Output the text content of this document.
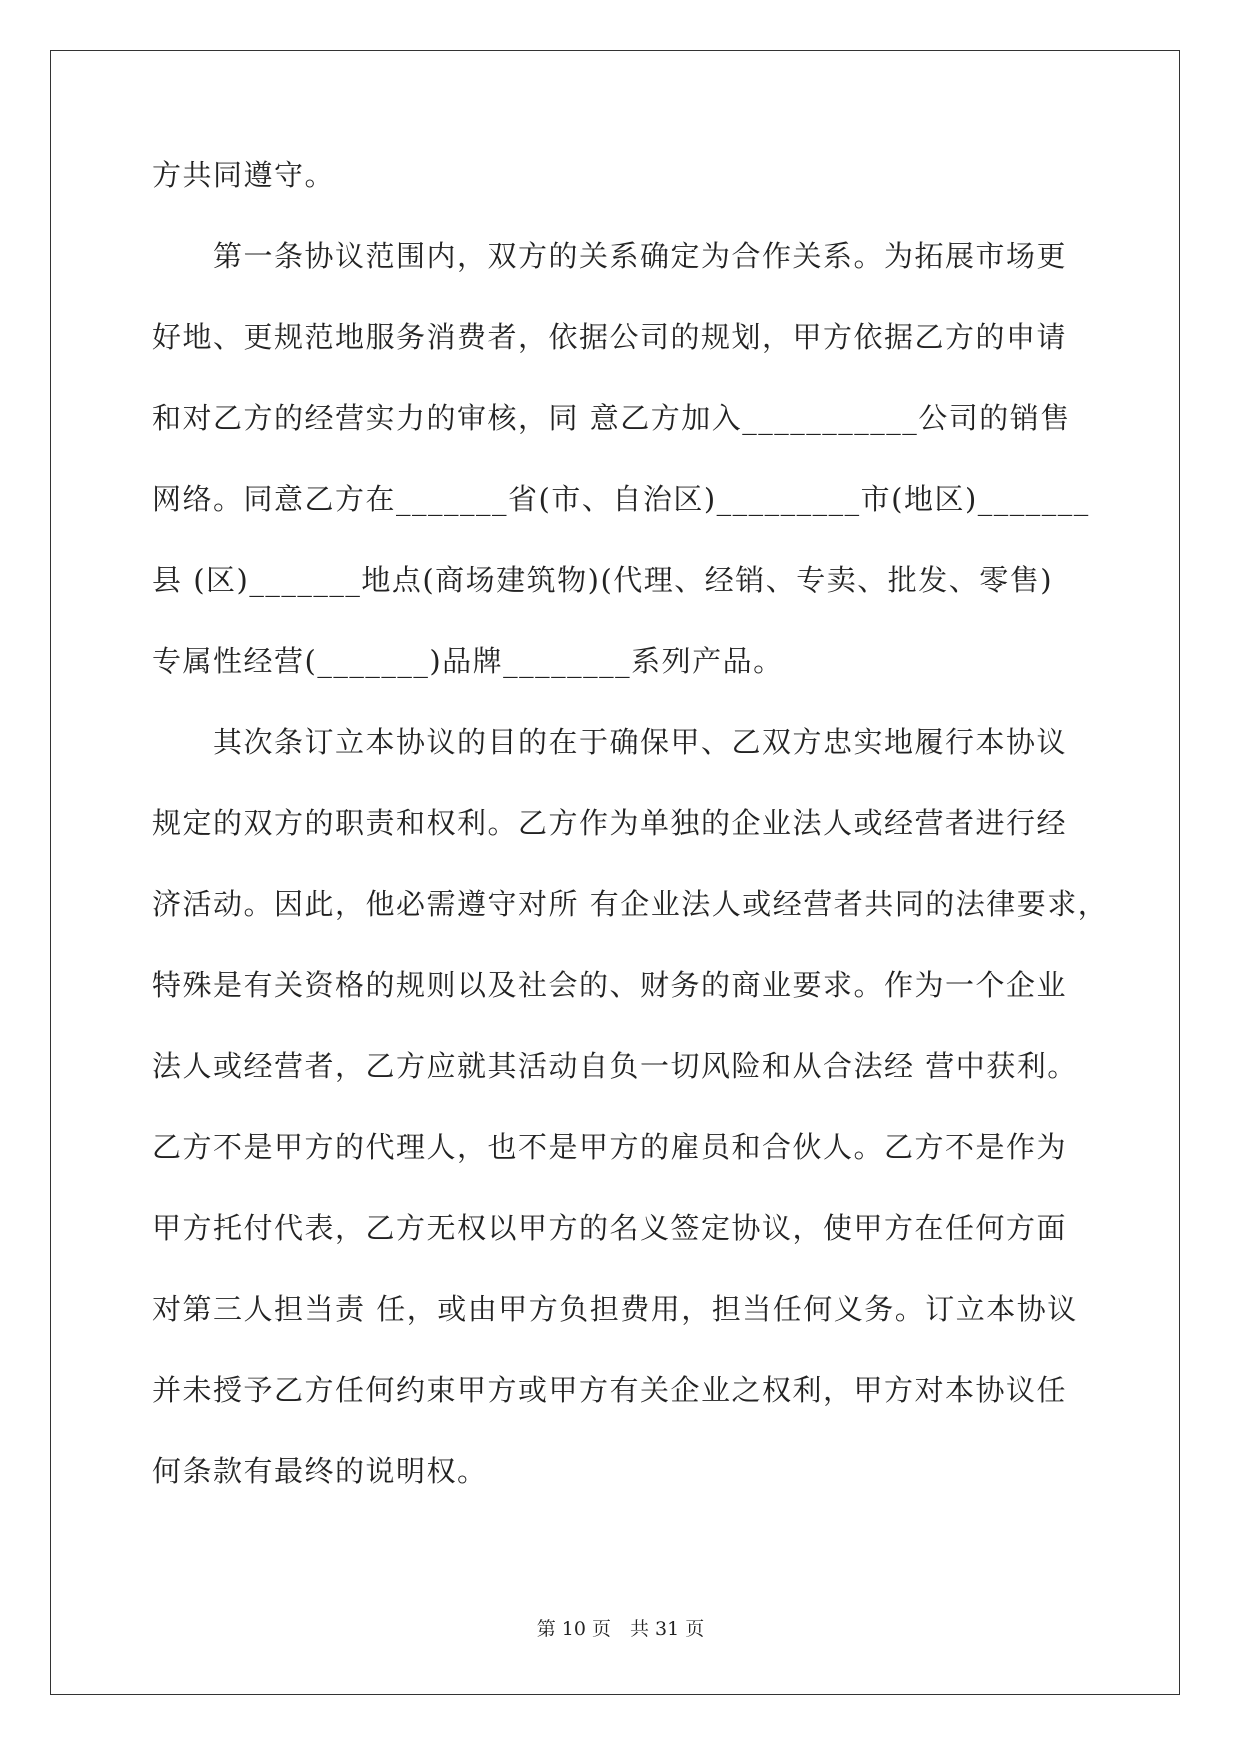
方共同遵守。
　　第一条协议范围内，双方的关系确定为合作关系。为拓展市场更
好地、更规范地服务消费者，依据公司的规划，甲方依据乙方的申请
和对乙方的经营实力的审核，同 意乙方加入___________公司的销售
网络。同意乙方在_______省(市、自治区)_________市(地区)_______
县 (区)_______地点(商场建筑物)(代理、经销、专卖、批发、零售)
专属性经营(_______)品牌________系列产品。
　　其次条订立本协议的目的在于确保甲、乙双方忠实地履行本协议
规定的双方的职责和权利。乙方作为单独的企业法人或经营者进行经
济活动。因此，他必需遵守对所 有企业法人或经营者共同的法律要求，
特殊是有关资格的规则以及社会的、财务的商业要求。作为一个企业
法人或经营者，乙方应就其活动自负一切风险和从合法经 营中获利。
乙方不是甲方的代理人，也不是甲方的雇员和合伙人。乙方不是作为
甲方托付代表，乙方无权以甲方的名义签定协议，使甲方在任何方面
对第三人担当责 任，或由甲方负担费用，担当任何义务。订立本协议
并未授予乙方任何约束甲方或甲方有关企业之权利，甲方对本协议任
何条款有最终的说明权。
第 10 页　共 31 页
